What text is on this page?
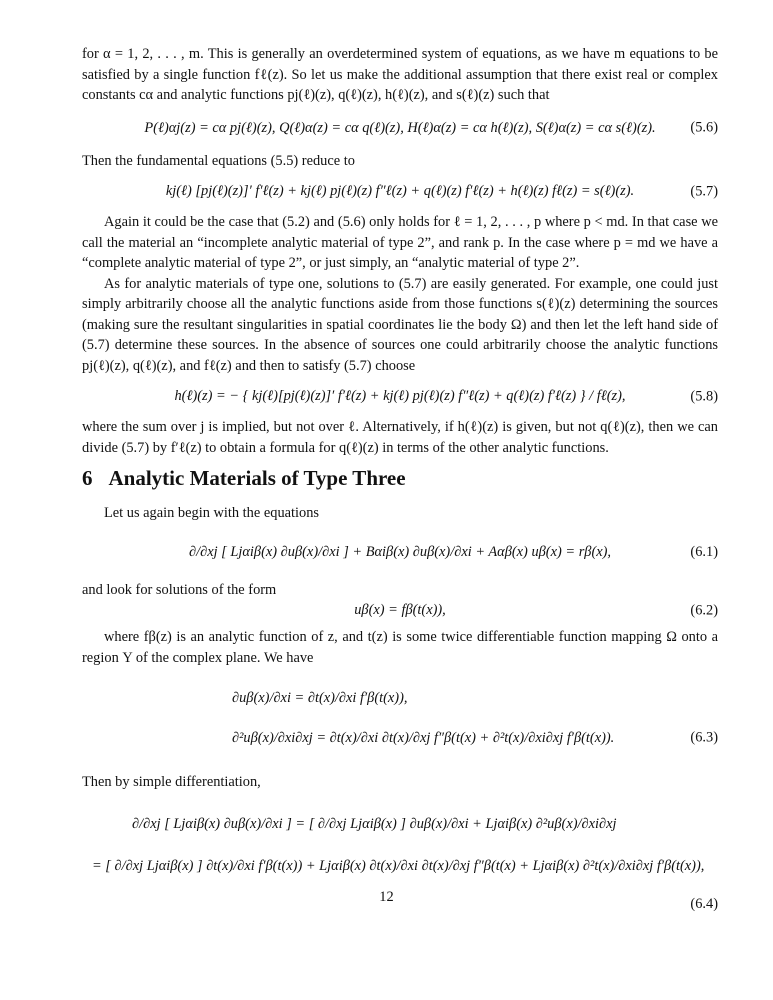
for α = 1, 2, . . . , m. This is generally an overdetermined system of equations, as we have m equations to be satisfied by a single function fℓ(z). So let us make the additional assumption that there exist real or complex constants cα and analytic functions pj(ℓ)(z), q(ℓ)(z), h(ℓ)(z), and s(ℓ)(z) such that

P(ℓ)αj(z) = cα pj(ℓ)(z), Q(ℓ)α(z) = cα q(ℓ)(z), H(ℓ)α(z) = cα h(ℓ)(z), S(ℓ)α(z) = cα s(ℓ)(z). (5.6)

Then the fundamental equations (5.5) reduce to

kj(ℓ) [pj(ℓ)(z)]′ f′ℓ(z) + kj(ℓ) pj(ℓ)(z) f″ℓ(z) + q(ℓ)(z) f′ℓ(z) + h(ℓ)(z) fℓ(z) = s(ℓ)(z).	(5.7)

Again it could be the case that (5.2) and (5.6) only holds for ℓ = 1, 2, . . . , p where p < md. In that case we call the material an “incomplete analytic material of type 2”, and rank p. In the case where p = md we have a “complete analytic material of type 2”, or just simply, an “analytic material of type 2”.

As for analytic materials of type one, solutions to (5.7) are easily generated. For example, one could just simply arbitrarily choose all the analytic functions aside from those functions s(ℓ)(z) determining the sources (making sure the resultant singularities in spatial coordinates lie the body Ω) and then let the left hand side of (5.7) determine these sources. In the absence of sources one could arbitrarily choose the analytic functions pj(ℓ)(z), q(ℓ)(z), and fℓ(z) and then to satisfy (5.7) choose

h(ℓ)(z) = − { kj(ℓ)[pj(ℓ)(z)]′ f′ℓ(z) + kj(ℓ) pj(ℓ)(z) f″ℓ(z) + q(ℓ)(z) f′ℓ(z) } / fℓ(z),	(5.8)

where the sum over j is implied, but not over ℓ. Alternatively, if h(ℓ)(z) is given, but not q(ℓ)(z), then we can divide (5.7) by f′ℓ(z) to obtain a formula for q(ℓ)(z) in terms of the other analytic functions.

6 Analytic Materials of Type Three

Let us again begin with the equations

∂/∂xj [ Ljαiβ(x) ∂uβ(x)/∂xi ] + Bαiβ(x) ∂uβ(x)/∂xi + Aαβ(x) uβ(x) = rβ(x),	(6.1)

and look for solutions of the form

uβ(x) = fβ(t(x)),	(6.2)

where fβ(z) is an analytic function of z, and t(z) is some twice differentiable function mapping Ω onto a region Υ of the complex plane. We have

∂uβ(x)/∂xi = ∂t(x)/∂xi f′β(t(x)),
∂²uβ(x)/∂xi∂xj = ∂t(x)/∂xi ∂t(x)/∂xj f″β(t(x) + ∂²t(x)/∂xi∂xj f′β(t(x)).	(6.3)

Then by simple differentiation,

∂/∂xj [ Ljαiβ(x) ∂uβ(x)/∂xi ] = [ ∂/∂xj Ljαiβ(x) ] ∂uβ(x)/∂xi + Ljαiβ(x) ∂²uβ(x)/∂xi∂xj
= [ ∂/∂xj Ljαiβ(x) ] ∂t(x)/∂xi f′β(t(x)) + Ljαiβ(x) ∂t(x)/∂xi ∂t(x)/∂xj f″β(t(x) + Ljαiβ(x) ∂²t(x)/∂xi∂xj f′β(t(x)),
(6.4)
12
